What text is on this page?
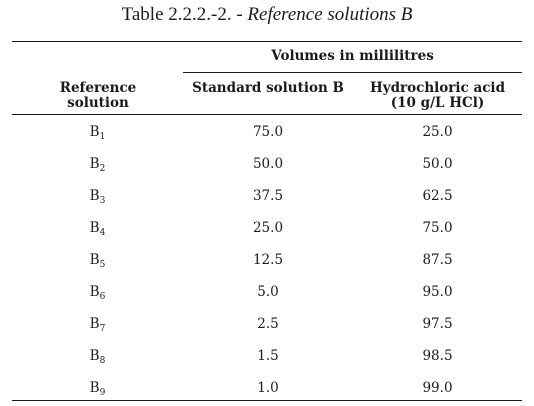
Table 2.2.2.-2. - Reference solutions B
Volumes in millilitres
Reference
solution
Standard solution B	Hydrochloric acid
(10 g/L HCl)
$B_1$	75.0	25.0
$B_2$	50.0	50.0
$B_3$	37.5	62.5
$B_4$	25.0	75.0
$B_5$	12.5	87.5
$B_6$	5.0	95.0
$B_7$	2.5	97.5
$B_8$	1.5	98.5
$B_9$	1.0	99.0
